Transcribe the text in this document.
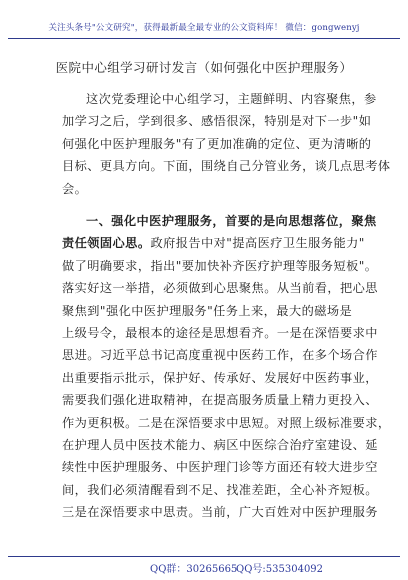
关注头条号"公文研究"，获得最新最全最专业的公文资料库！ 微信：gongwenyj
医院中心组学习研讨发言（如何强化中医护理服务）
这次党委理论中心组学习，主题鲜明、内容聚焦，参
加学习之后，学到很多、感悟很深，特别是对下一步"如
何强化中医护理服务"有了更加准确的定位、更为清晰的
目标、更具方向。下面，围绕自己分管业务，谈几点思考体
会。
一、强化中医护理服务，首要的是向思想落位，聚焦
责任领固心思。政府报告中对"提高医疗卫生服务能力"
做了明确要求，指出"要加快补齐医疗护理等服务短板"。
落实好这一举措，必须做到心思聚焦。从当前看，把心思
聚焦到"强化中医护理服务"任务上来，最大的磁场是
上级号令，最根本的途径是思想看齐。一是在深悟要求中
思进。习近平总书记高度重视中医药工作，在多个场合作
出重要指示批示，保护好、传承好、发展好中医药事业，
需要我们强化进取精神，在提高服务质量上精力更投入、
作为更积极。二是在深悟要求中思短。对照上级标准要求，
在护理人员中医技术能力、病区中医综合治疗室建设、延
续性中医护理服务、中医护理门诊等方面还有较大进步空
间，我们必须清醒看到不足、找准差距，全心补齐短板。
三是在深悟要求中思责。当前，广大百姓对中医护理服务
QQ群：30265665
QQ号:535304092
